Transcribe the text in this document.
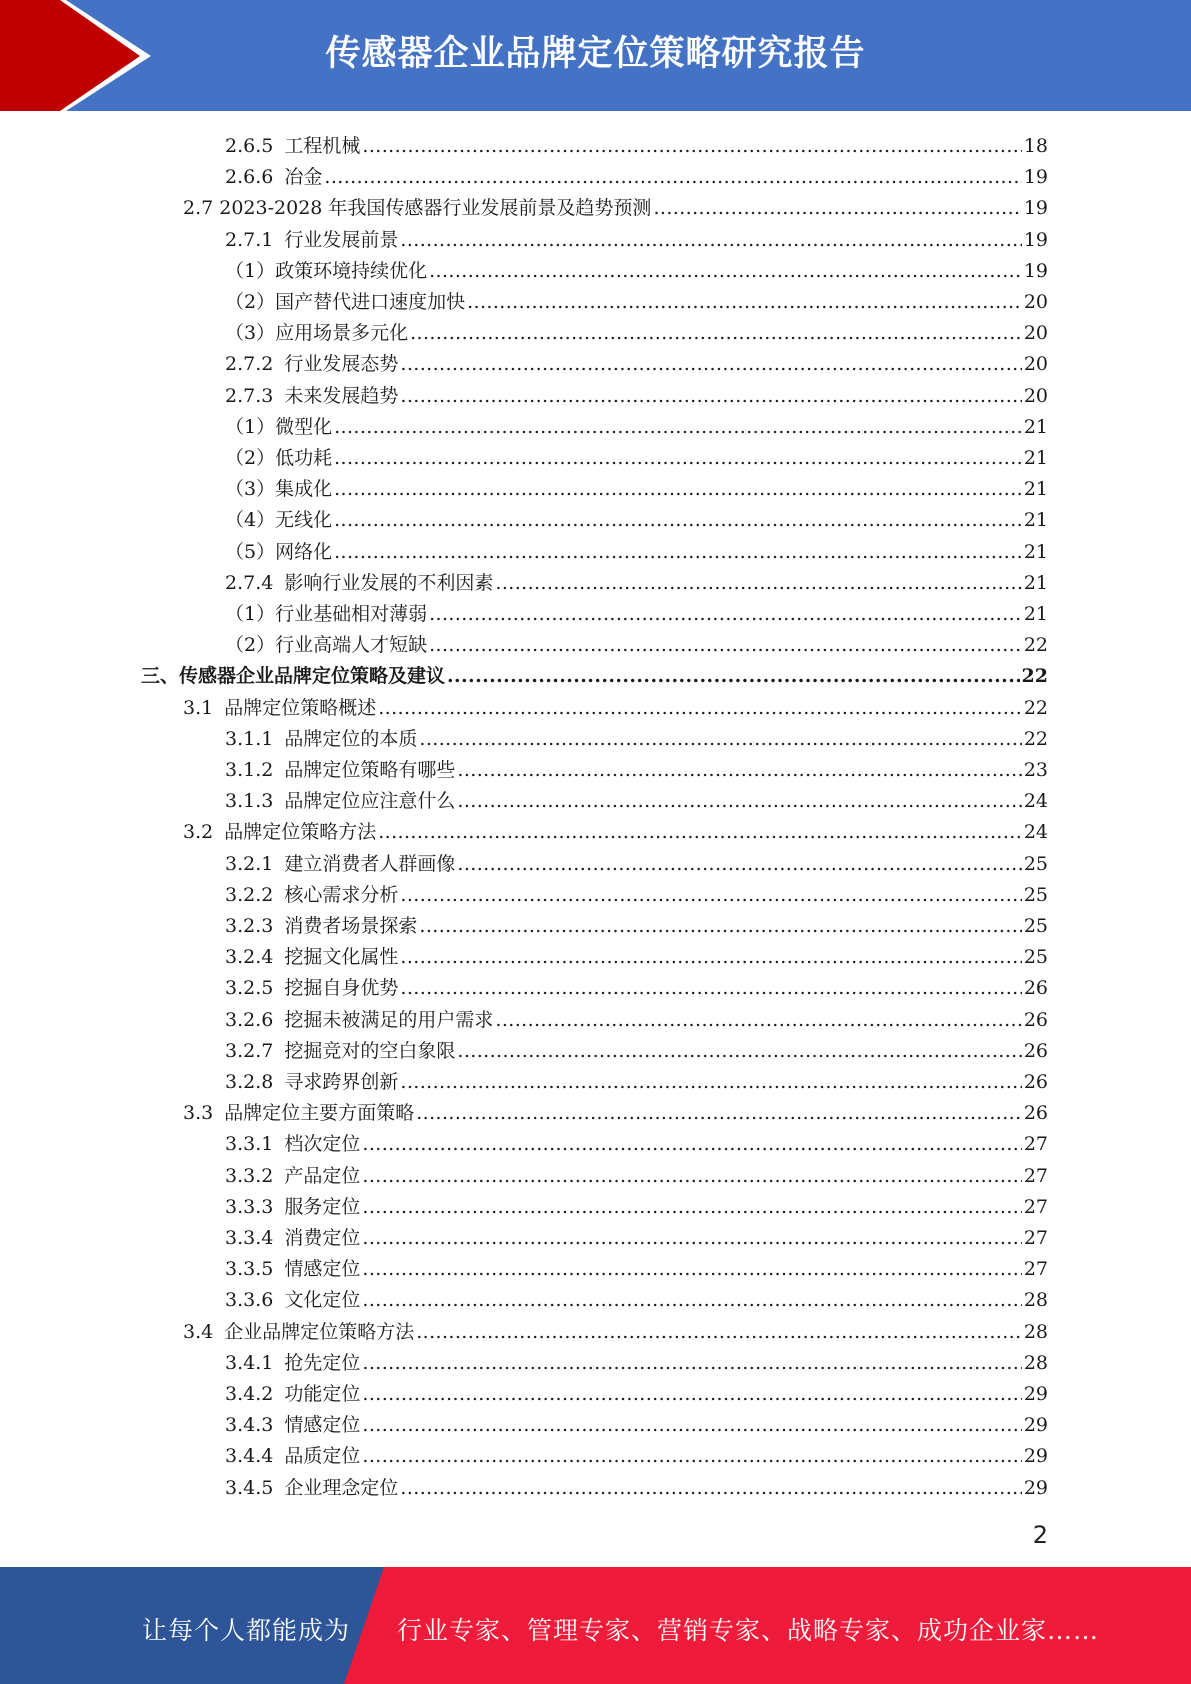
传感器企业品牌定位策略研究报告
2.6.5 工程机械 .....	18
2.6.6 冶金 .....	19
2.7 2023-2028 年我国传感器行业发展前景及趋势预测 .....	19
2.7.1 行业发展前景 .....	19
（1）政策环境持续优化 .....	19
（2）国产替代进口速度加快 .....	20
（3）应用场景多元化 .....	20
2.7.2 行业发展态势 .....	20
2.7.3 未来发展趋势 .....	20
（1）微型化 .....	21
（2）低功耗 .....	21
（3）集成化 .....	21
（4）无线化 .....	21
（5）网络化 .....	21
2.7.4 影响行业发展的不利因素 .....	21
（1）行业基础相对薄弱 .....	21
（2）行业高端人才短缺 .....	22
三、传感器企业品牌定位策略及建议 .....	22
3.1 品牌定位策略概述 .....	22
3.1.1 品牌定位的本质 .....	22
3.1.2 品牌定位策略有哪些 .....	23
3.1.3 品牌定位应注意什么 .....	24
3.2 品牌定位策略方法 .....	24
3.2.1 建立消费者人群画像 .....	25
3.2.2 核心需求分析 .....	25
3.2.3 消费者场景探索 .....	25
3.2.4 挖掘文化属性 .....	25
3.2.5 挖掘自身优势 .....	26
3.2.6 挖掘未被满足的用户需求 .....	26
3.2.7 挖掘竞对的空白象限 .....	26
3.2.8 寻求跨界创新 .....	26
3.3 品牌定位主要方面策略 .....	26
3.3.1 档次定位 .....	27
3.3.2 产品定位 .....	27
3.3.3 服务定位 .....	27
3.3.4 消费定位 .....	27
3.3.5 情感定位 .....	27
3.3.6 文化定位 .....	28
3.4 企业品牌定位策略方法 .....	28
3.4.1 抢先定位 .....	28
3.4.2 功能定位 .....	29
3.4.3 情感定位 .....	29
3.4.4 品质定位 .....	29
3.4.5 企业理念定位 .....	29
2
让每个人都能成为 行业专家、管理专家、营销专家、战略专家、成功企业家……
